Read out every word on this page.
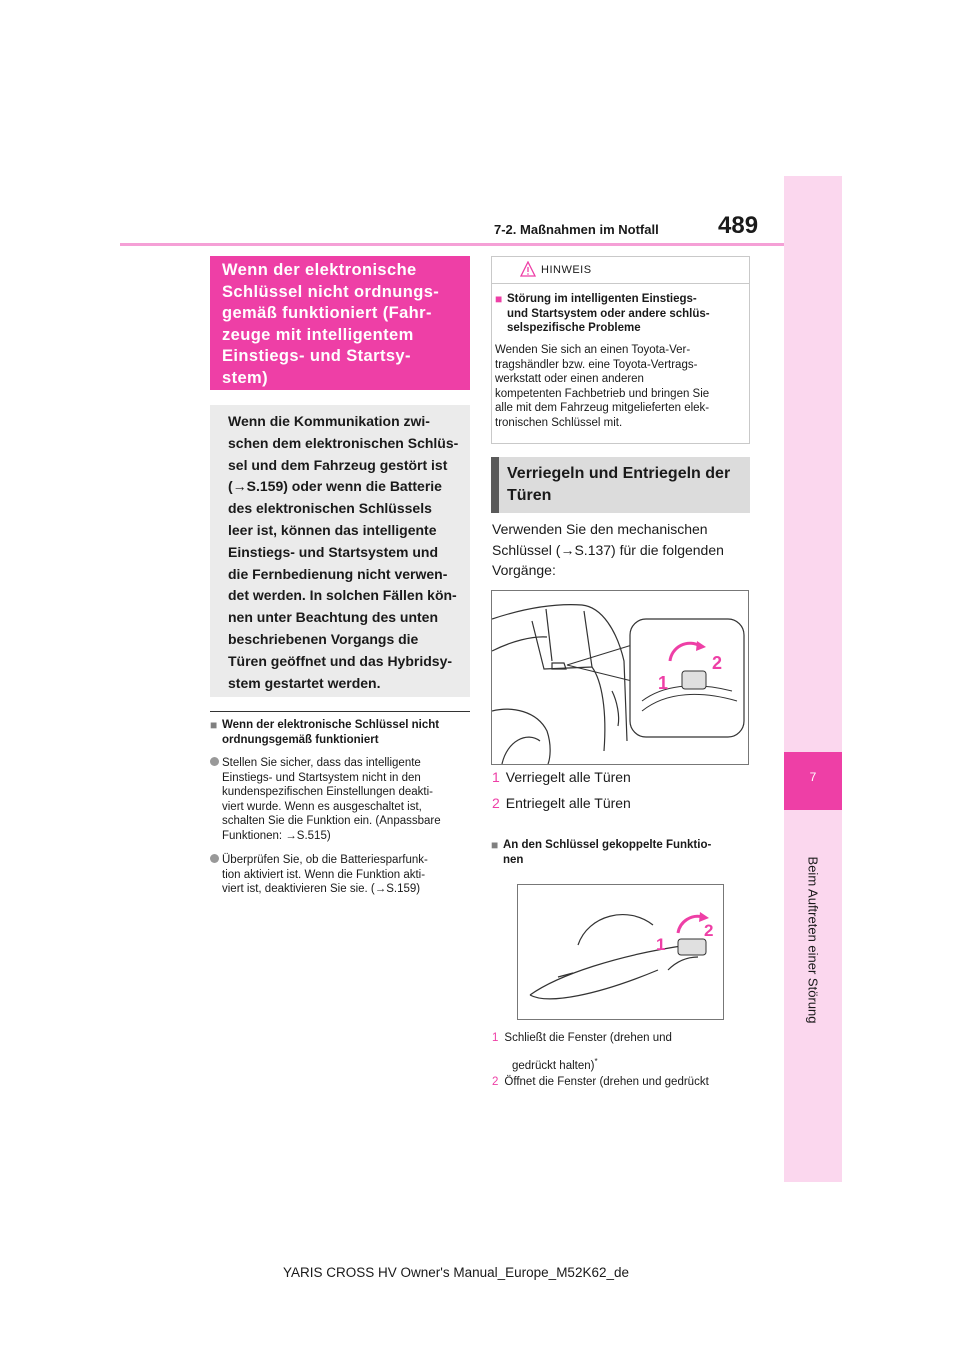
489
7-2. Maßnahmen im Notfall
7
Beim Auftreten einer Störung
Wenn der elektronische
Schlüssel nicht ordnungs-
gemäß funktioniert (Fahr-
zeuge mit intelligentem
Einstiegs- und Startsy-
stem)

Wenn die Kommunikation zwi-

schen dem elektronischen Schlüs-

sel und dem Fahrzeug gestört ist

(→S.159) oder wenn die Batterie

des elektronischen Schlüssels

leer ist, können das intelligente

Einstiegs- und Startsystem und

die Fernbedienung nicht verwen-

det werden. In solchen Fällen kön-

nen unter Beachtung des unten

beschriebenen Vorgangs die

Türen geöffnet und das Hybridsy-

stem gestartet werden.

■ Wenn der elektronische Schlüssel nicht
ordnungsgemäß funktioniert
Stellen Sie sicher, dass das intelligente
Einstiegs- und Startsystem nicht in den
kundenspezifischen Einstellungen deakti-
viert wurde. Wenn es ausgeschaltet ist,
schalten Sie die Funktion ein. (Anpassbare
Funktionen: →S.515)
Überprüfen Sie, ob die Batteriesparfunk-
tion aktiviert ist. Wenn die Funktion akti-
viert ist, deaktivieren Sie sie. (→S.159)
HINWEIS
■ Störung im intelligenten Einstiegs-
und Startsystem oder andere schlüs-
selspezifische Probleme
Wenden Sie sich an einen Toyota-Ver-
tragshändler bzw. eine Toyota-Vertrags-
werkstatt oder einen anderen
kompetenten Fachbetrieb und bringen Sie
alle mit dem Fahrzeug mitgelieferten elek-
tronischen Schlüssel mit.
Verriegeln und Entriegeln der
Türen
Verwenden Sie den mechanischen
Schlüssel (→S.137) für die folgenden
Vorgänge:
1
2
1 Verriegelt alle Türen
2 Entriegelt alle Türen
■ An den Schlüssel gekoppelte Funktio-
nen
1
2
1 Schließt die Fenster (drehen und
gedrückt halten)*
2 Öffnet die Fenster (drehen und gedrückt
YARIS CROSS HV Owner's Manual_Europe_M52K62_de
